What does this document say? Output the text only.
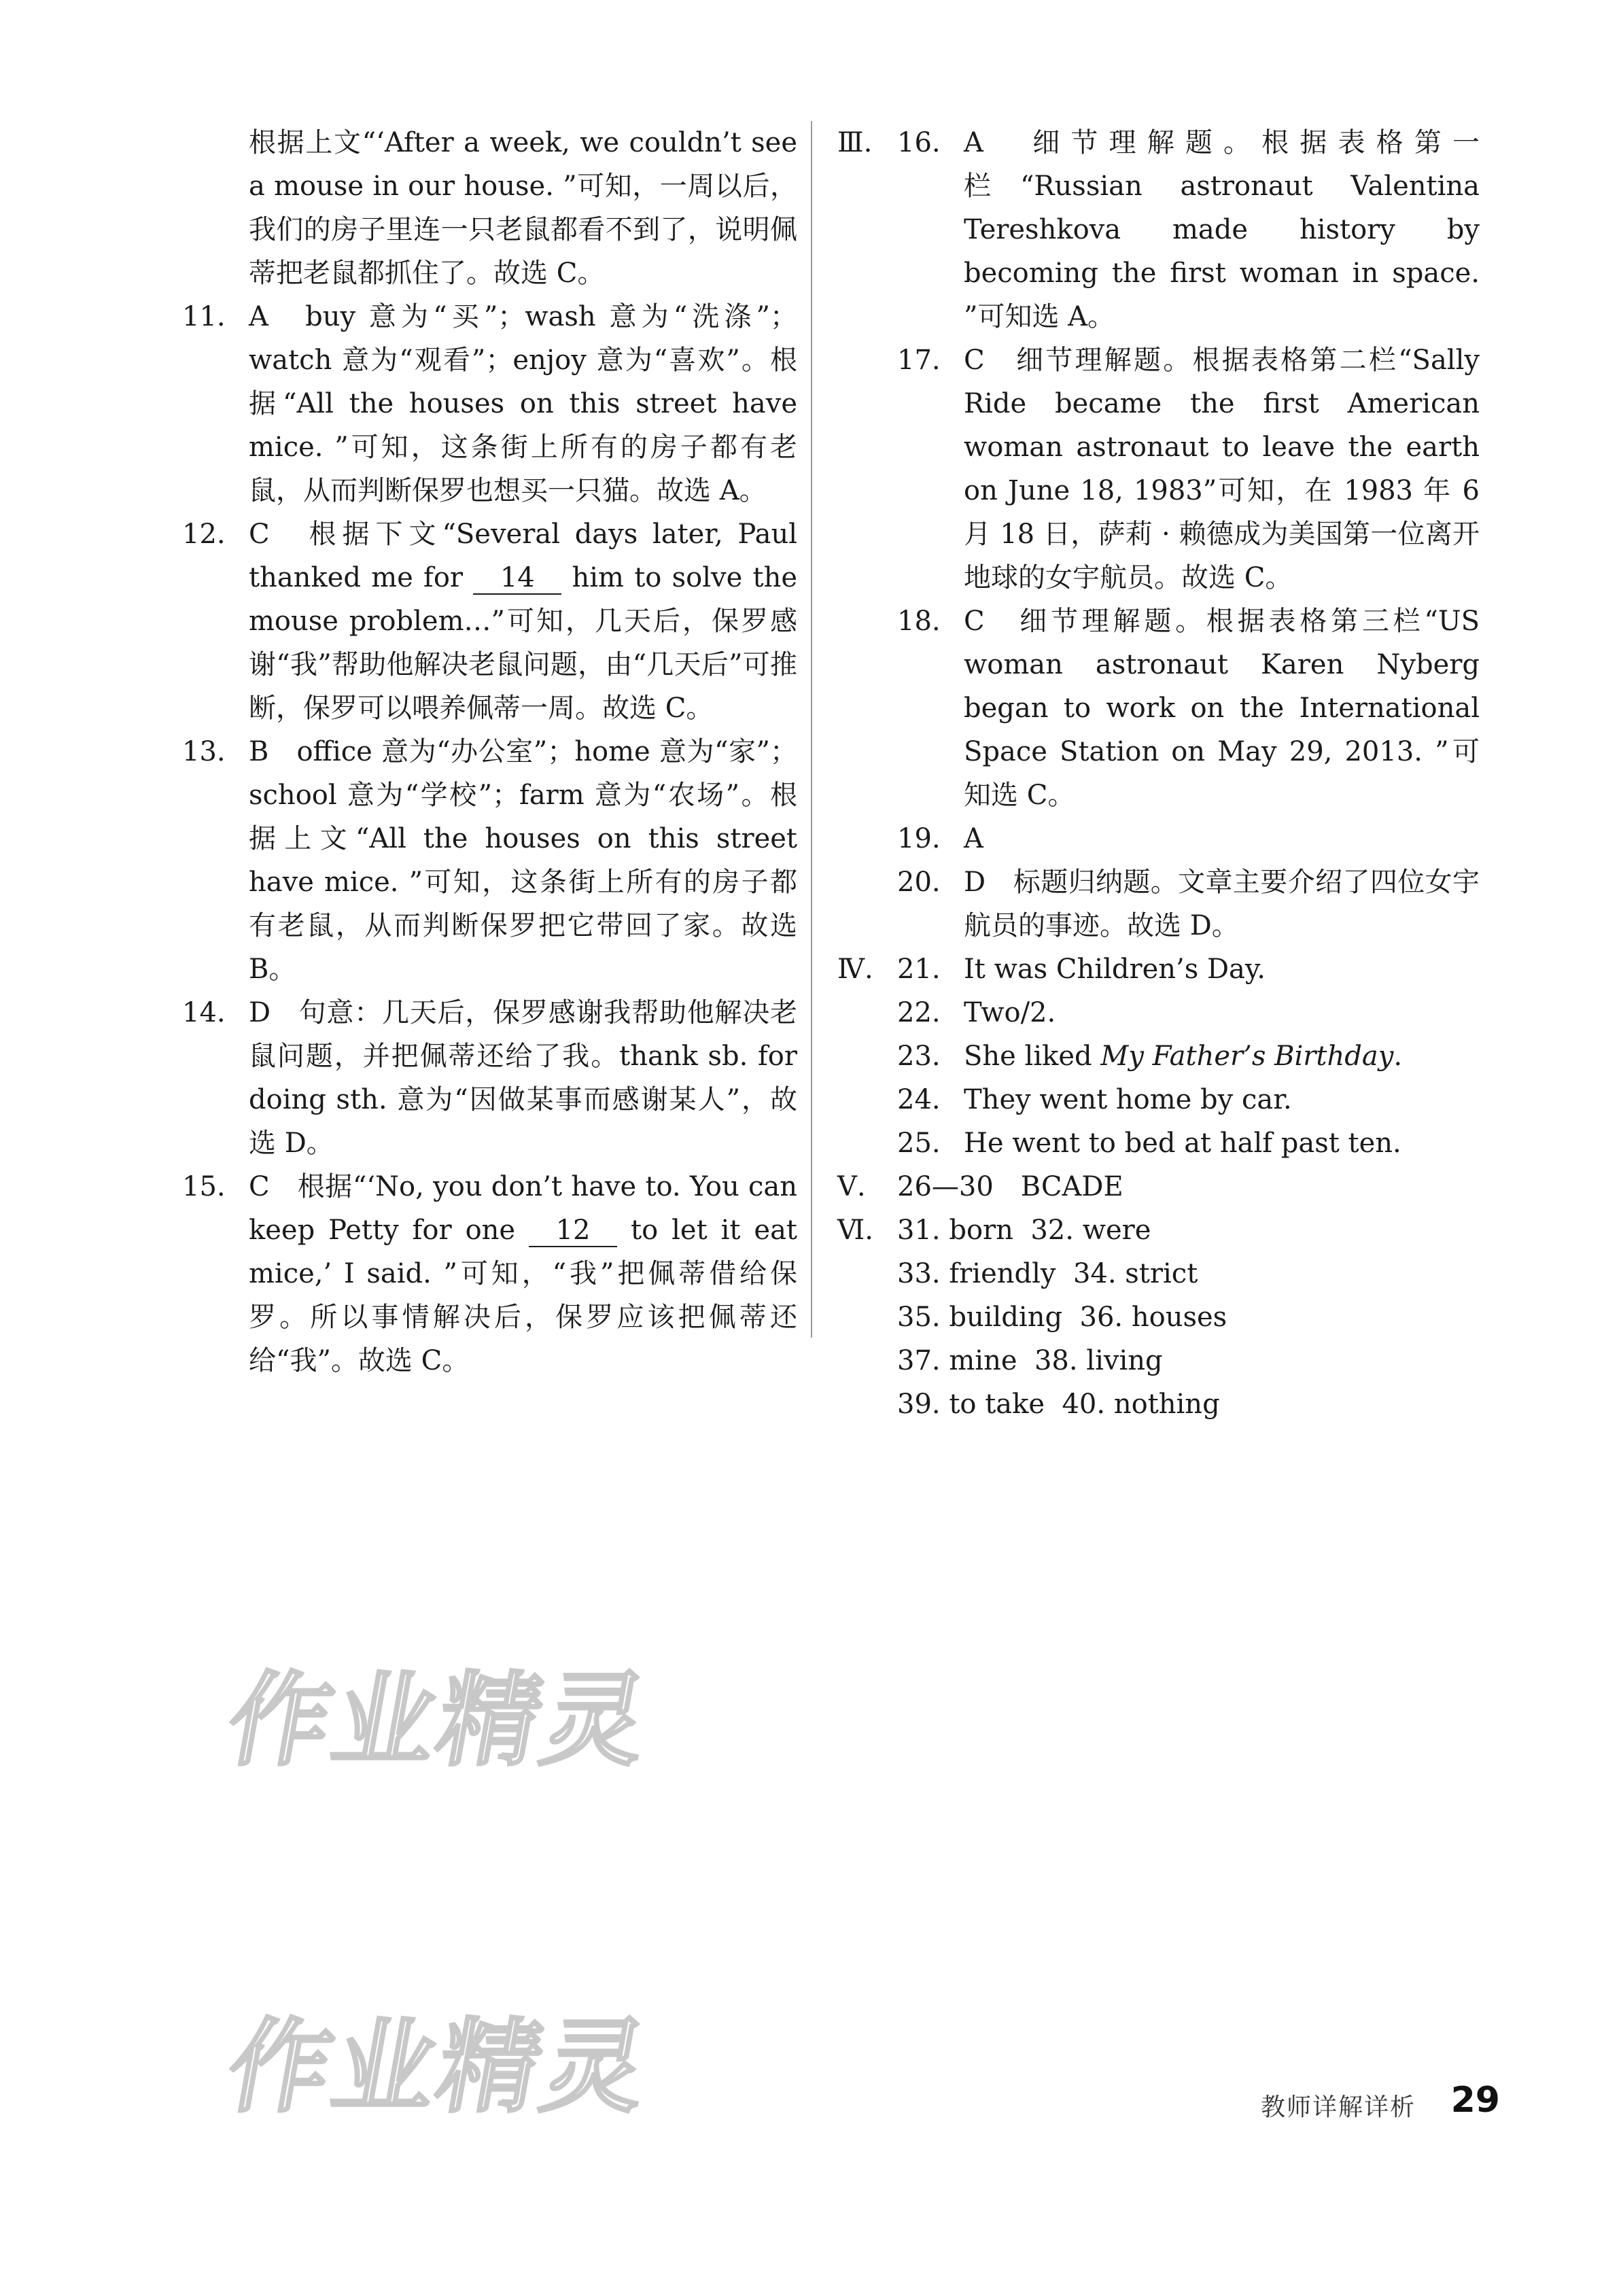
根据上文“‘After a week, we couldn’t see a mouse in our house. ”可知，一周以后，我们的房子里连一只老鼠都看不到了，说明佩蒂把老鼠都抓住了。故选 C。
11. A　buy 意为“买”；wash 意为“洗涤”；watch 意为“观看”；enjoy 意为“喜欢”。根据“All the houses on this street have mice. ”可知，这条街上所有的房子都有老鼠，从而判断保罗也想买一只猫。故选 A。
12. C　根据下文“Several days later, Paul thanked me for 14 him to solve the mouse problem…”可知，几天后，保罗感谢“我”帮助他解决老鼠问题，由“几天后”可推断，保罗可以喂养佩蒂一周。故选 C。
13. B　office 意为“办公室”；home 意为“家”；school 意为“学校”；farm 意为“农场”。根据上文“All the houses on this street have mice. ”可知，这条街上所有的房子都有老鼠，从而判断保罗把它带回了家。故选 B。
14. D　句意：几天后，保罗感谢我帮助他解决老鼠问题，并把佩蒂还给了我。thank sb. for doing sth. 意为“因做某事而感谢某人”，故选 D。
15. C　根据“‘No, you don’t have to. You can keep Petty for one 12 to let it eat mice,’ I said. ”可知，“我”把佩蒂借给保罗。所以事情解决后，保罗应该把佩蒂还给“我”。故选 C。
Ⅲ. 16. A　细节理解题。根据表格第一栏“Russian astronaut Valentina Tereshkova made history by becoming the first woman in space. ”可知选 A。
17. C　细节理解题。根据表格第二栏“Sally Ride became the first American woman astronaut to leave the earth on June 18, 1983”可知，在 1983 年 6 月 18 日，萨莉 · 赖德成为美国第一位离开地球的女宇航员。故选 C。
18. C　细节理解题。根据表格第三栏“US woman astronaut Karen Nyberg began to work on the International Space Station on May 29, 2013. ”可知选 C。
19. A
20. D　标题归纳题。文章主要介绍了四位女宇航员的事迹。故选 D。
Ⅳ. 21. It was Children’s Day.
22. Two/2.
23. She liked My Father’s Birthday.
24. They went home by car.
25. He went to bed at half past ten.
Ⅴ. 26—30　BCADE
Ⅵ. 31. born 32. were
33. friendly 34. strict
35. building 36. houses
37. mine 38. living
39. to take 40. nothing
作业精灵
作业精灵	教师详解详析 29
